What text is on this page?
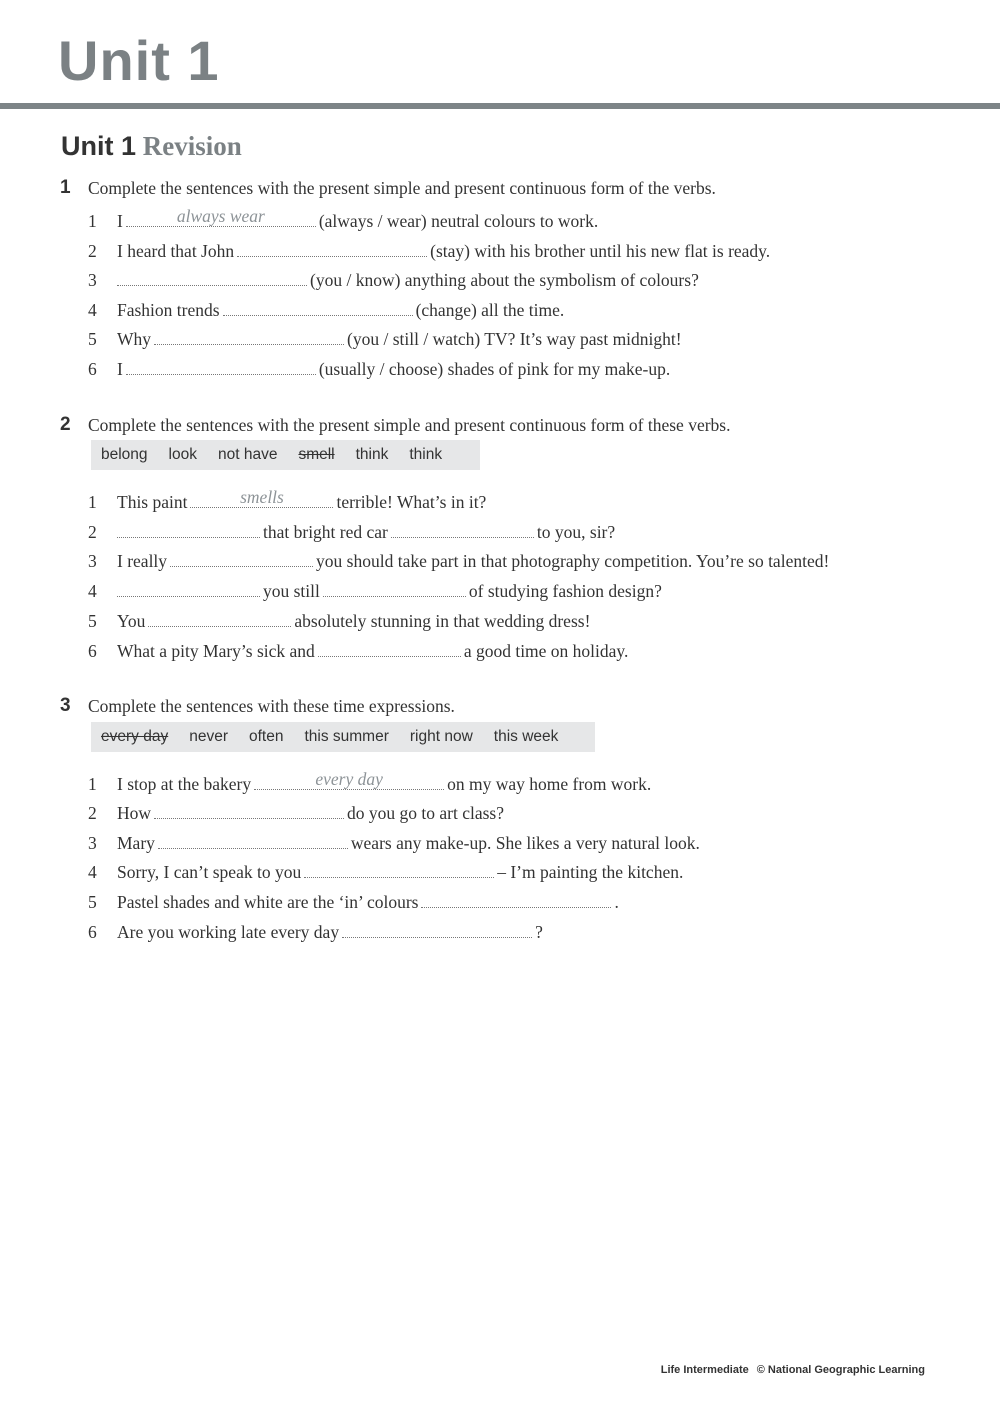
Unit 1
Unit 1 Revision
1 Complete the sentences with the present simple and present continuous form of the verbs.
1 I	always wear	(always / wear) neutral colours to work.
2 I heard that John	(stay) with his brother until his new flat is ready.
3	(you / know) anything about the symbolism of colours?
4 Fashion trends	(change) all the time.
5 Why	(you / still / watch) TV? It’s way past midnight!
6 I	(usually / choose) shades of pink for my make-up.
2 Complete the sentences with the present simple and present continuous form of these verbs.
belong look not have smell think think
1 This paint	smells	terrible! What’s in it?
2	that bright red car	to you, sir?
3 I really	you should take part in that photography competition. You’re so talented!
4	you still	of studying fashion design?
5 You	absolutely stunning in that wedding dress!
6 What a pity Mary’s sick and	a good time on holiday.
3 Complete the sentences with these time expressions.
every day never often this summer right now this week
1 I stop at the bakery	every day	on my way home from work.
2 How	do you go to art class?
3 Mary	wears any make-up. She likes a very natural look.
4 Sorry, I can’t speak to you	– I’m painting the kitchen.
5 Pastel shades and white are the ‘in’ colours	.
6 Are you working late every day	?
Life Intermediate © National Geographic Learning
